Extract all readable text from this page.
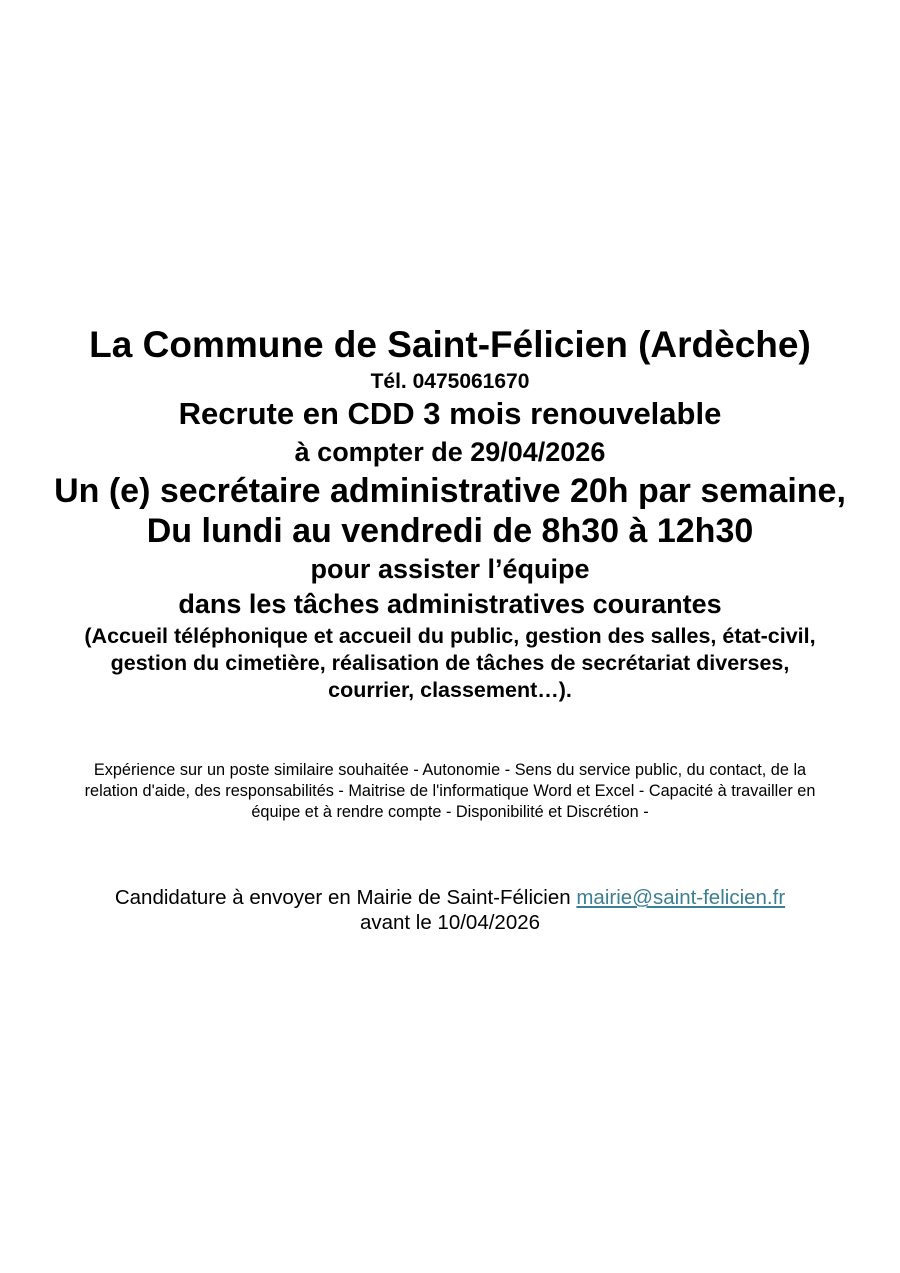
La Commune de Saint-Félicien (Ardèche)
Tél. 0475061670
Recrute en CDD 3 mois renouvelable
à compter de 29/04/2026
Un (e) secrétaire administrative 20h par semaine,
Du lundi au vendredi de 8h30 à 12h30
pour assister l’équipe
dans les tâches administratives courantes
(Accueil téléphonique et accueil du public, gestion des salles, état-civil,
gestion du cimetière, réalisation de tâches de secrétariat diverses,
courrier, classement…).
Expérience sur un poste similaire souhaitée - Autonomie - Sens du service public, du contact, de la
relation d'aide, des responsabilités - Maitrise de l'informatique Word et Excel - Capacité à travailler en
équipe et à rendre compte - Disponibilité et Discrétion -
Candidature à envoyer en Mairie de Saint-Félicien mairie@saint-felicien.fr
avant le 10/04/2026
